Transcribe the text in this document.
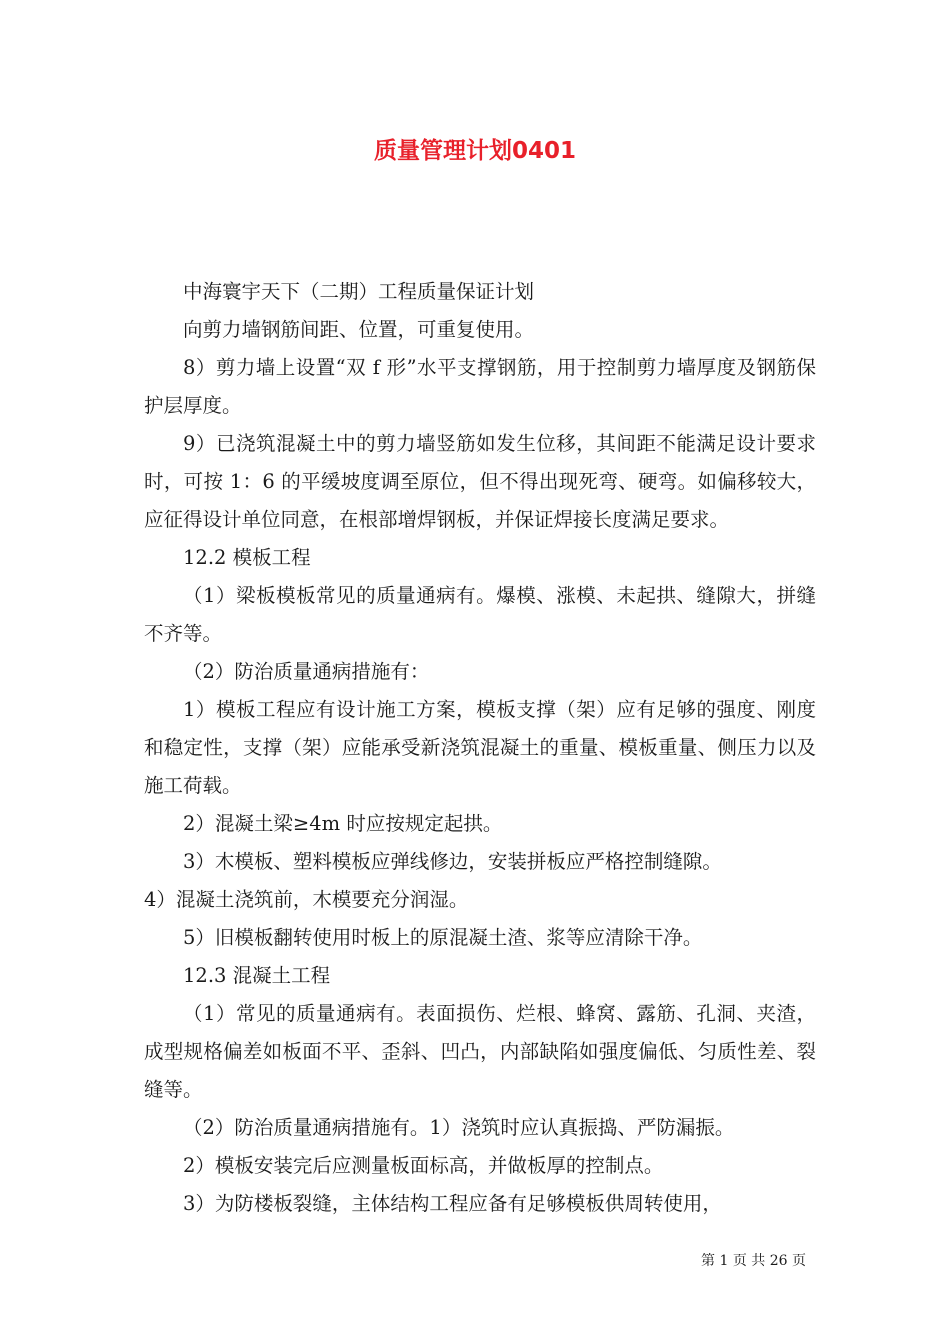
质量管理计划0401

中海寰宇天下（二期）工程质量保证计划

向剪力墙钢筋间距、位置，可重复使用。

8）剪力墙上设置“双 f 形”水平支撑钢筋，用于控制剪力墙厚度及钢筋保护层厚度。

9）已浇筑混凝土中的剪力墙竖筋如发生位移，其间距不能满足设计要求时，可按 1：6 的平缓坡度调至原位，但不得出现死弯、硬弯。如偏移较大，应征得设计单位同意，在根部增焊钢板，并保证焊接长度满足要求。

12.2 模板工程

（1）梁板模板常见的质量通病有。爆模、涨模、未起拱、缝隙大，拼缝不齐等。

（2）防治质量通病措施有：

1）模板工程应有设计施工方案，模板支撑（架）应有足够的强度、刚度和稳定性，支撑（架）应能承受新浇筑混凝土的重量、模板重量、侧压力以及施工荷载。

2）混凝土梁≥4m 时应按规定起拱。

3）木模板、塑料模板应弹线修边，安装拼板应严格控制缝隙。

4）混凝土浇筑前，木模要充分润湿。

5）旧模板翻转使用时板上的原混凝土渣、浆等应清除干净。

12.3 混凝土工程

（1）常见的质量通病有。表面损伤、烂根、蜂窝、露筋、孔洞、夹渣，成型规格偏差如板面不平、歪斜、凹凸，内部缺陷如强度偏低、匀质性差、裂缝等。

（2）防治质量通病措施有。1）浇筑时应认真振捣、严防漏振。

2）模板安装完后应测量板面标高，并做板厚的控制点。

3）为防楼板裂缝，主体结构工程应备有足够模板供周转使用，

第 1 页 共 26 页
